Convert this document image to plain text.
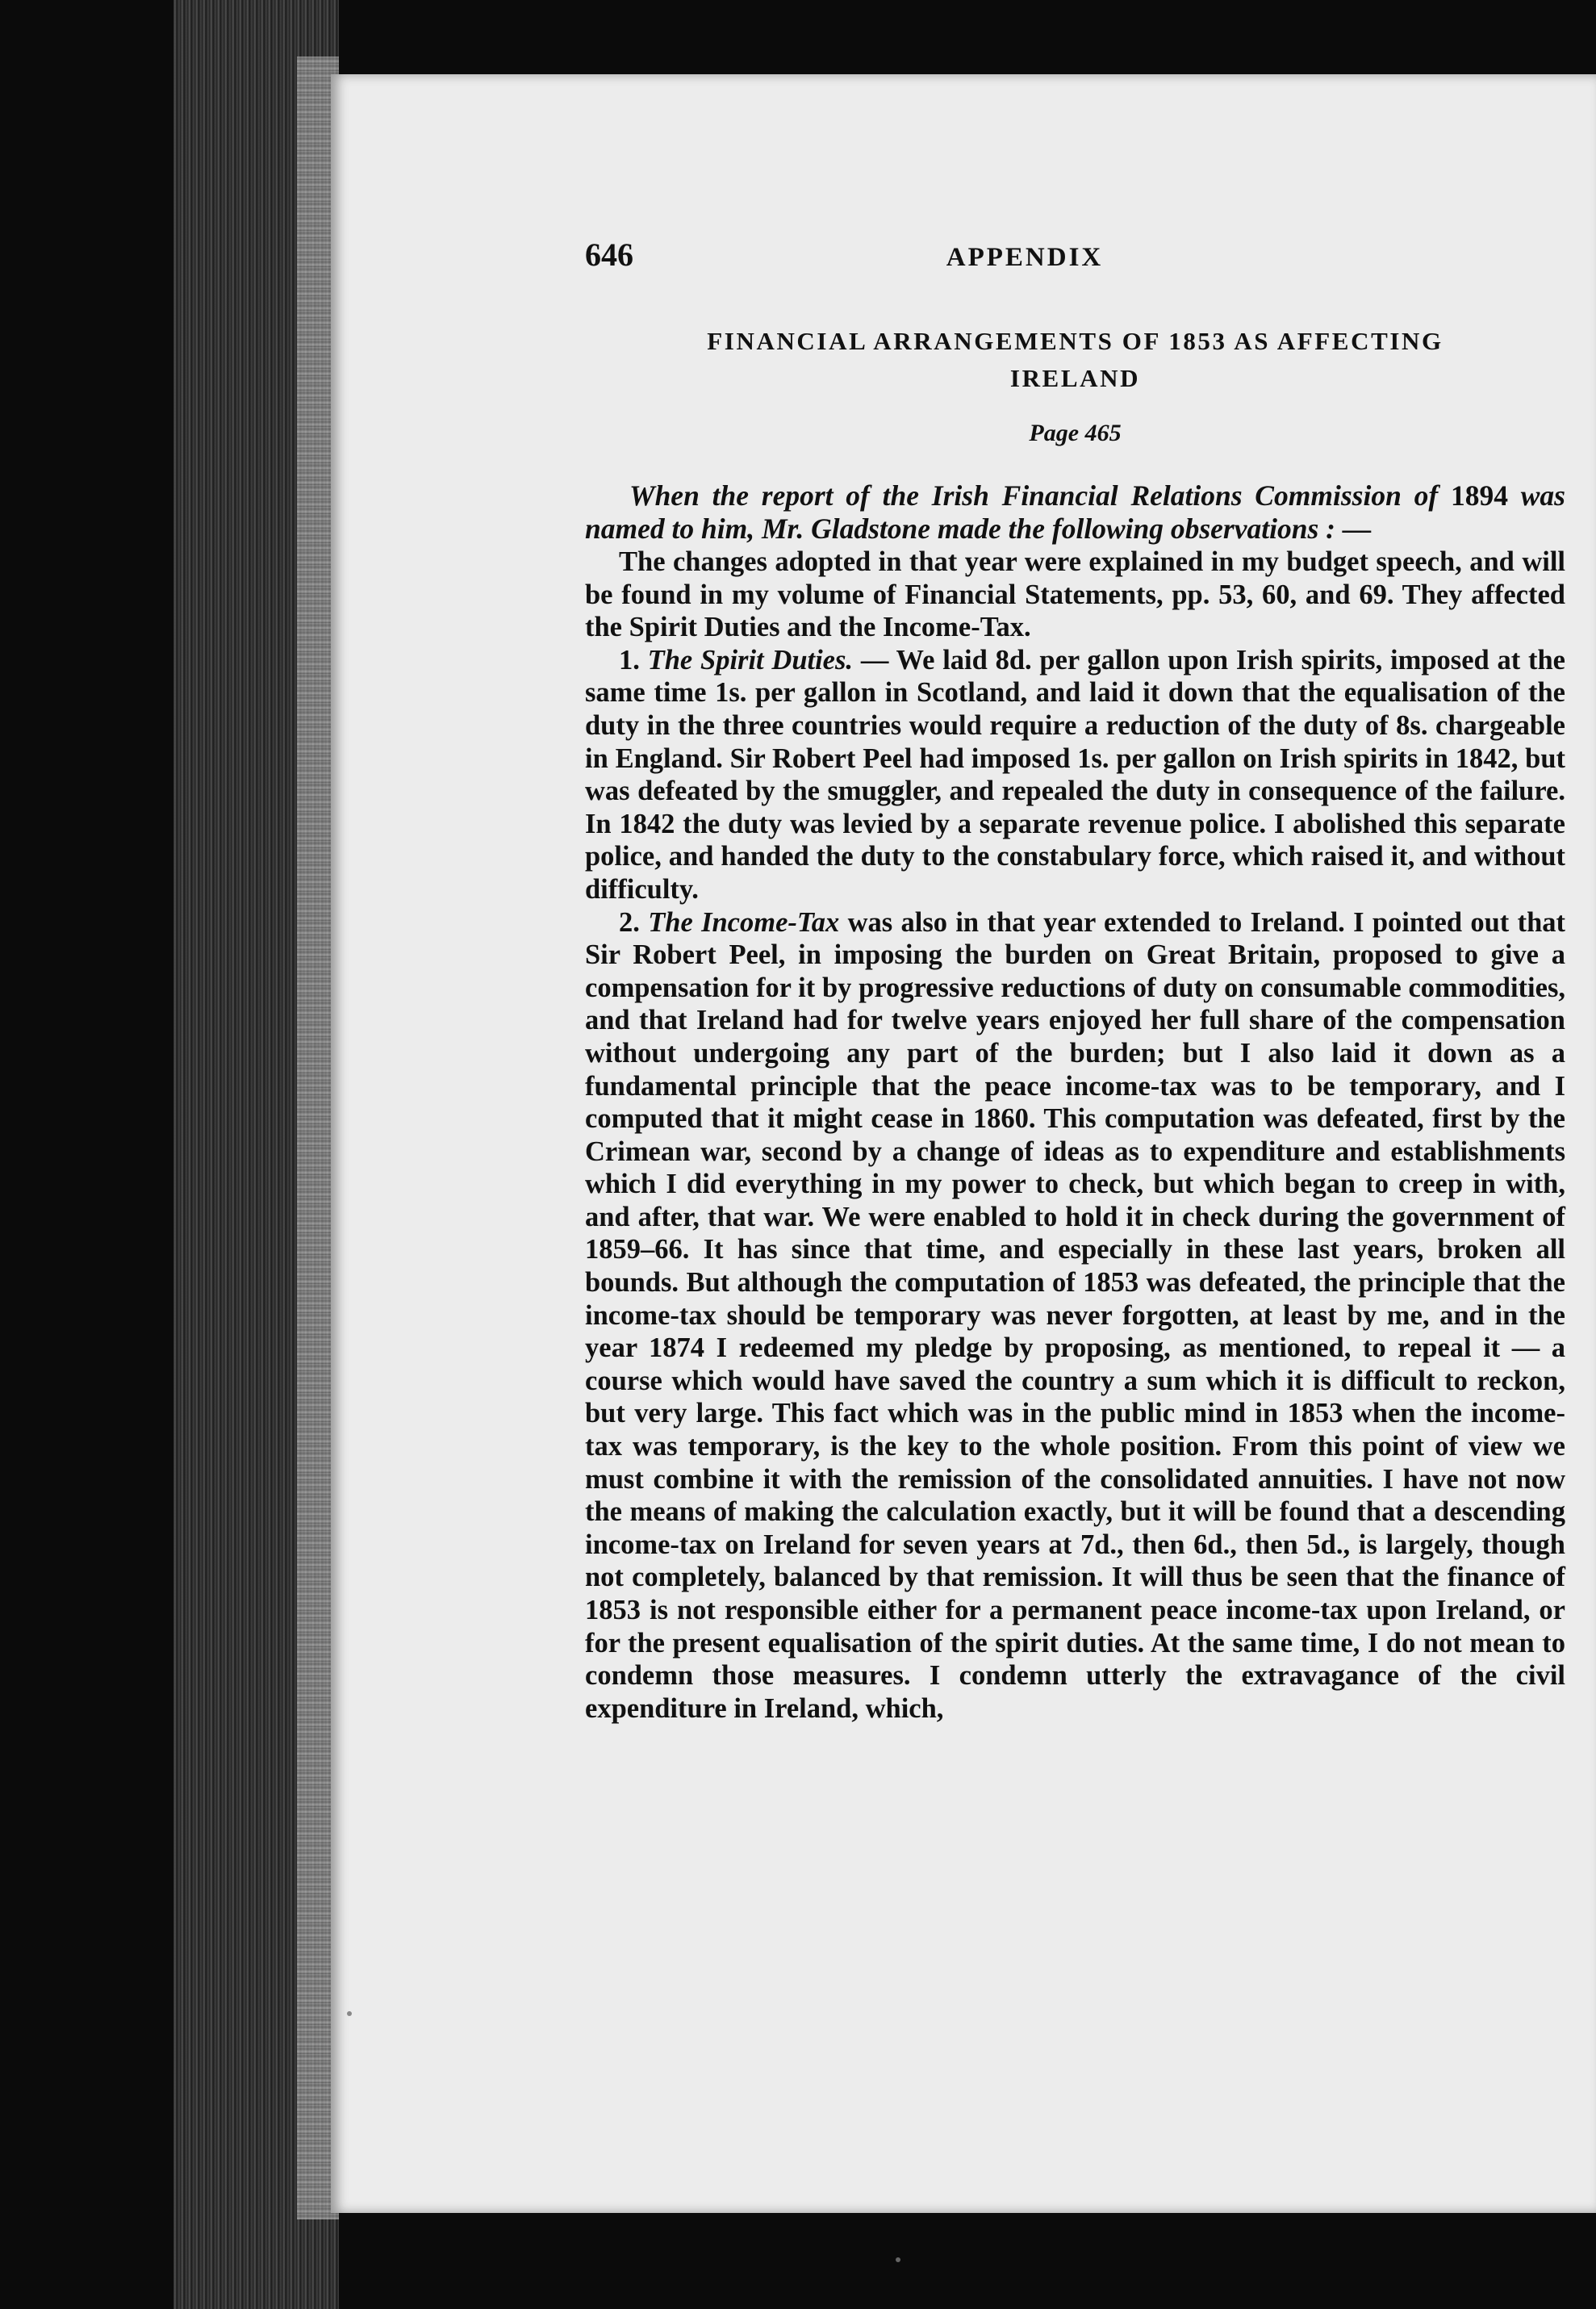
646	APPENDIX
FINANCIAL ARRANGEMENTS OF 1853 AS AFFECTING
IRELAND
Page 465

When the report of the Irish Financial Relations Commission of 1894 was named to him, Mr. Gladstone made the following observations : —

The changes adopted in that year were explained in my budget speech, and will be found in my volume of Financial Statements, pp. 53, 60, and 69. They affected the Spirit Duties and the Income-Tax.

1. The Spirit Duties. — We laid 8d. per gallon upon Irish spirits, imposed at the same time 1s. per gallon in Scotland, and laid it down that the equalisation of the duty in the three countries would require a reduction of the duty of 8s. chargeable in England. Sir Robert Peel had imposed 1s. per gallon on Irish spirits in 1842, but was defeated by the smuggler, and repealed the duty in consequence of the failure. In 1842 the duty was levied by a separate revenue police. I abolished this separate police, and handed the duty to the constabulary force, which raised it, and without difficulty.

2. The Income-Tax was also in that year extended to Ireland. I pointed out that Sir Robert Peel, in imposing the burden on Great Britain, proposed to give a compensation for it by progressive reductions of duty on consumable commodities, and that Ireland had for twelve years enjoyed her full share of the compensation without undergoing any part of the burden; but I also laid it down as a fundamental principle that the peace income-tax was to be temporary, and I computed that it might cease in 1860. This computation was defeated, first by the Crimean war, second by a change of ideas as to expenditure and establishments which I did everything in my power to check, but which began to creep in with, and after, that war. We were enabled to hold it in check during the government of 1859–66. It has since that time, and especially in these last years, broken all bounds. But although the computation of 1853 was defeated, the principle that the income-tax should be temporary was never forgotten, at least by me, and in the year 1874 I redeemed my pledge by proposing, as mentioned, to repeal it — a course which would have saved the country a sum which it is difficult to reckon, but very large. This fact which was in the public mind in 1853 when the income-tax was temporary, is the key to the whole position. From this point of view we must combine it with the remission of the consolidated annuities. I have not now the means of making the calculation exactly, but it will be found that a descending income-tax on Ireland for seven years at 7d., then 6d., then 5d., is largely, though not completely, balanced by that remission. It will thus be seen that the finance of 1853 is not responsible either for a permanent peace income-tax upon Ireland, or for the present equalisation of the spirit duties. At the same time, I do not mean to condemn those measures. I condemn utterly the extravagance of the civil expenditure in Ireland, which,
